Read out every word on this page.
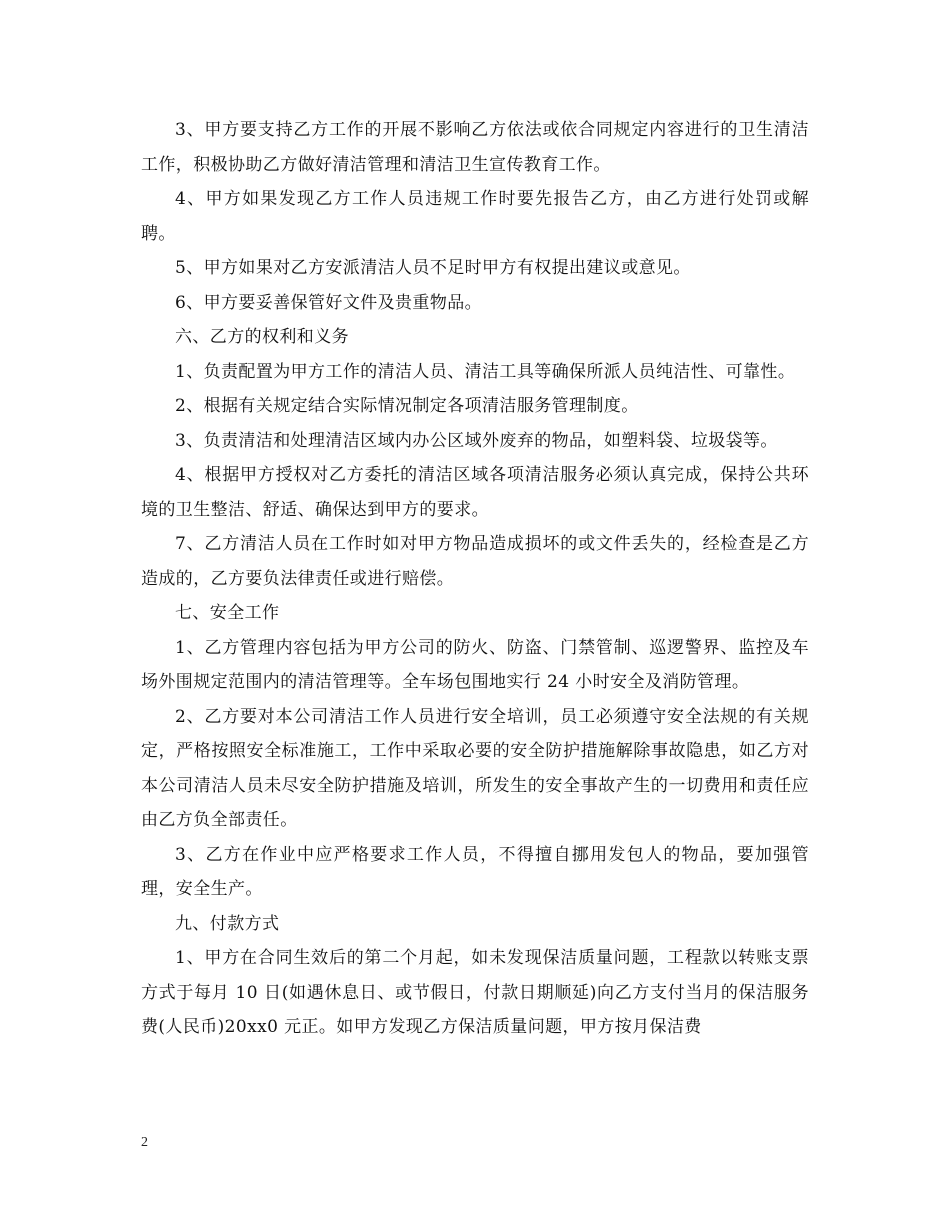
3、甲方要支持乙方工作的开展不影响乙方依法或依合同规定内容进行的卫生清洁工作，积极协助乙方做好清洁管理和清洁卫生宣传教育工作。

4、甲方如果发现乙方工作人员违规工作时要先报告乙方，由乙方进行处罚或解聘。

5、甲方如果对乙方安派清洁人员不足时甲方有权提出建议或意见。

6、甲方要妥善保管好文件及贵重物品。

六、乙方的权利和义务

1、负责配置为甲方工作的清洁人员、清洁工具等确保所派人员纯洁性、可靠性。

2、根据有关规定结合实际情况制定各项清洁服务管理制度。

3、负责清洁和处理清洁区域内办公区域外废弃的物品，如塑料袋、垃圾袋等。

4、根据甲方授权对乙方委托的清洁区域各项清洁服务必须认真完成，保持公共环境的卫生整洁、舒适、确保达到甲方的要求。

7、乙方清洁人员在工作时如对甲方物品造成损坏的或文件丢失的，经检查是乙方造成的，乙方要负法律责任或进行赔偿。

七、安全工作

1、乙方管理内容包括为甲方公司的防火、防盗、门禁管制、巡逻警界、监控及车场外围规定范围内的清洁管理等。全车场包围地实行 24 小时安全及消防管理。

2、乙方要对本公司清洁工作人员进行安全培训，员工必须遵守安全法规的有关规定，严格按照安全标准施工，工作中采取必要的安全防护措施解除事故隐患，如乙方对本公司清洁人员未尽安全防护措施及培训，所发生的安全事故产生的一切费用和责任应由乙方负全部责任。

3、乙方在作业中应严格要求工作人员，不得擅自挪用发包人的物品，要加强管理，安全生产。

九、付款方式

1、甲方在合同生效后的第二个月起，如未发现保洁质量问题，工程款以转账支票方式于每月 10 日(如遇休息日、或节假日，付款日期顺延)向乙方支付当月的保洁服务费(人民币)20xx0 元正。如甲方发现乙方保洁质量问题，甲方按月保洁费

2
